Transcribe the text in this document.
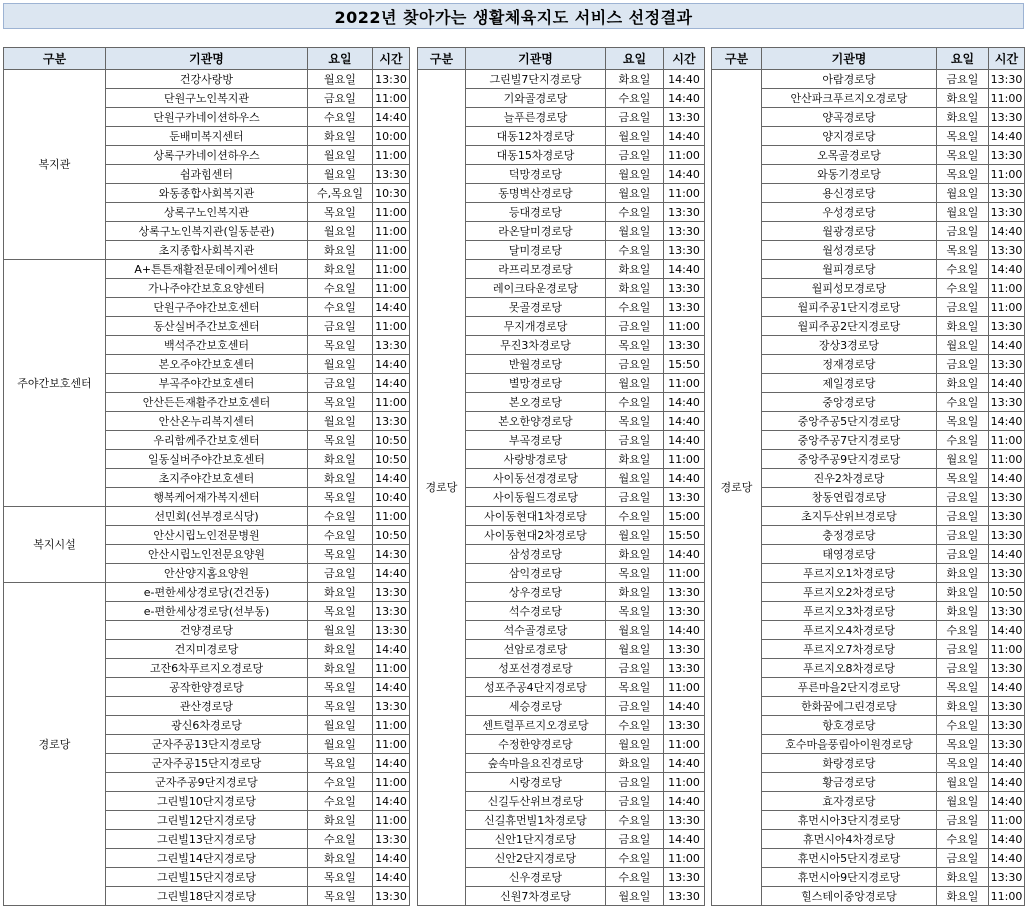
2022년 찾아가는 생활체육지도 서비스 선정결과
구분	기관명	요일	시간
복지관	건강사랑방	월요일	13:30
	단원구노인복지관	금요일	11:00
	단원구카네이션하우스	수요일	14:40
	둔배미복지센터	화요일	10:00
	상록구카네이션하우스	월요일	11:00
	쉼과힘센터	월요일	13:30
	와동종합사회복지관	수,목요일	10:30
	상록구노인복지관	목요일	11:00
	상록구노인복지관(일동분관)	월요일	11:00
	초지종합사회복지관	화요일	11:00
주야간보호센터	A+튼튼재활전문데이케어센터	화요일	11:00
	가나주야간보호요양센터	수요일	11:00
	단원구주야간보호센터	수요일	14:40
	동산실버주간보호센터	금요일	11:00
	백석주간보호센터	목요일	13:30
	본오주야간보호센터	월요일	14:40
	부곡주야간보호센터	금요일	14:40
	안산든든재활주간보호센터	목요일	11:00
	안산온누리복지센터	월요일	13:30
	우리함께주간보호센터	목요일	10:50
	일동실버주야간보호센터	화요일	10:50
	초지주야간보호센터	화요일	14:40
	행복케어재가복지센터	목요일	10:40
복지시설	선민회(선부경로식당)	수요일	11:00
	안산시립노인전문병원	수요일	10:50
	안산시립노인전문요양원	목요일	14:30
	안산양지홈요양원	금요일	14:40
경로당	e-편한세상경로당(건건동)	화요일	13:30
	e-편한세상경로당(선부동)	목요일	13:30
	건양경로당	월요일	13:30
	건지미경로당	화요일	14:40
	고잔6차푸르지오경로당	화요일	11:00
	공작한양경로당	목요일	14:40
	관산경로당	목요일	13:30
	광신6차경로당	월요일	11:00
	군자주공13단지경로당	월요일	11:00
	군자주공15단지경로당	목요일	14:40
	군자주공9단지경로당	수요일	11:00
	그린빌10단지경로당	수요일	14:40
	그린빌12단지경로당	화요일	11:00
	그린빌13단지경로당	수요일	13:30
	그린빌14단지경로당	화요일	14:40
	그린빌15단지경로당	목요일	14:40
	그린빌18단지경로당	목요일	13:30
구분	기관명	요일	시간
경로당	그린빌7단지경로당	화요일	14:40
	기와골경로당	수요일	14:40
	늘푸른경로당	금요일	13:30
	대동12차경로당	월요일	14:40
	대동15차경로당	금요일	11:00
	덕망경로당	월요일	14:40
	동명벽산경로당	월요일	11:00
	등대경로당	수요일	13:30
	라온달미경로당	월요일	13:30
	달미경로당	수요일	13:30
	라프리모경로당	화요일	14:40
	레이크타운경로당	화요일	13:30
	못골경로당	수요일	13:30
	무지개경로당	금요일	11:00
	무진3차경로당	목요일	13:30
	반월경로당	금요일	15:50
	별망경로당	월요일	11:00
	본오경로당	수요일	14:40
	본오한양경로당	목요일	14:40
	부곡경로당	금요일	14:40
	사랑방경로당	화요일	11:00
	사이동선경경로당	월요일	14:40
	사이동월드경로당	금요일	13:30
	사이동현대1차경로당	수요일	15:00
	사이동현대2차경로당	월요일	15:50
	삼성경로당	화요일	14:40
	삼익경로당	목요일	11:00
	상우경로당	화요일	13:30
	석수경로당	목요일	13:30
	석수골경로당	월요일	14:40
	선암로경로당	월요일	13:30
	성포선경경로당	금요일	13:30
	성포주공4단지경로당	목요일	11:00
	세승경로당	금요일	14:40
	센트럴푸르지오경로당	수요일	13:30
	수정한양경로당	월요일	11:00
	숲속마을요진경로당	화요일	14:40
	시랑경로당	금요일	11:00
	신길두산위브경로당	금요일	14:40
	신길휴먼빌1차경로당	수요일	13:30
	신안1단지경로당	금요일	14:40
	신안2단지경로당	수요일	11:00
	신우경로당	수요일	13:30
	신원7차경로당	월요일	13:30
구분	기관명	요일	시간
경로당	아람경로당	금요일	13:30
	안산파크푸르지오경로당	화요일	11:00
	양곡경로당	화요일	13:30
	양지경로당	목요일	14:40
	오목골경로당	목요일	13:30
	와동기경로당	목요일	11:00
	용신경로당	월요일	13:30
	우성경로당	월요일	13:30
	월광경로당	금요일	14:40
	월성경로당	목요일	13:30
	월피경로당	수요일	14:40
	월피성모경로당	수요일	11:00
	월피주공1단지경로당	금요일	11:00
	월피주공2단지경로당	화요일	13:30
	장상3경로당	월요일	14:40
	정재경로당	금요일	13:30
	제일경로당	화요일	14:40
	중앙경로당	수요일	13:30
	중앙주공5단지경로당	목요일	14:40
	중앙주공7단지경로당	수요일	11:00
	중앙주공9단지경로당	월요일	11:00
	진우2차경로당	목요일	14:40
	창동연립경로당	금요일	13:30
	초지두산위브경로당	금요일	13:30
	충정경로당	금요일	13:30
	태영경로당	금요일	14:40
	푸르지오1차경로당	화요일	13:30
	푸르지오2차경로당	화요일	10:50
	푸르지오3차경로당	화요일	13:30
	푸르지오4차경로당	수요일	14:40
	푸르지오7차경로당	금요일	11:00
	푸르지오8차경로당	금요일	13:30
	푸른마을2단지경로당	목요일	14:40
	한화꿈에그린경로당	화요일	13:30
	항호경로당	수요일	13:30
	호수마을풍림아이원경로당	목요일	13:30
	화랑경로당	목요일	14:40
	황금경로당	월요일	14:40
	효자경로당	월요일	14:40
	휴먼시아3단지경로당	금요일	11:00
	휴먼시아4차경로당	수요일	14:40
	휴먼시아5단지경로당	금요일	14:40
	휴먼시아9단지경로당	화요일	13:30
	힐스테이중앙경로당	화요일	11:00
